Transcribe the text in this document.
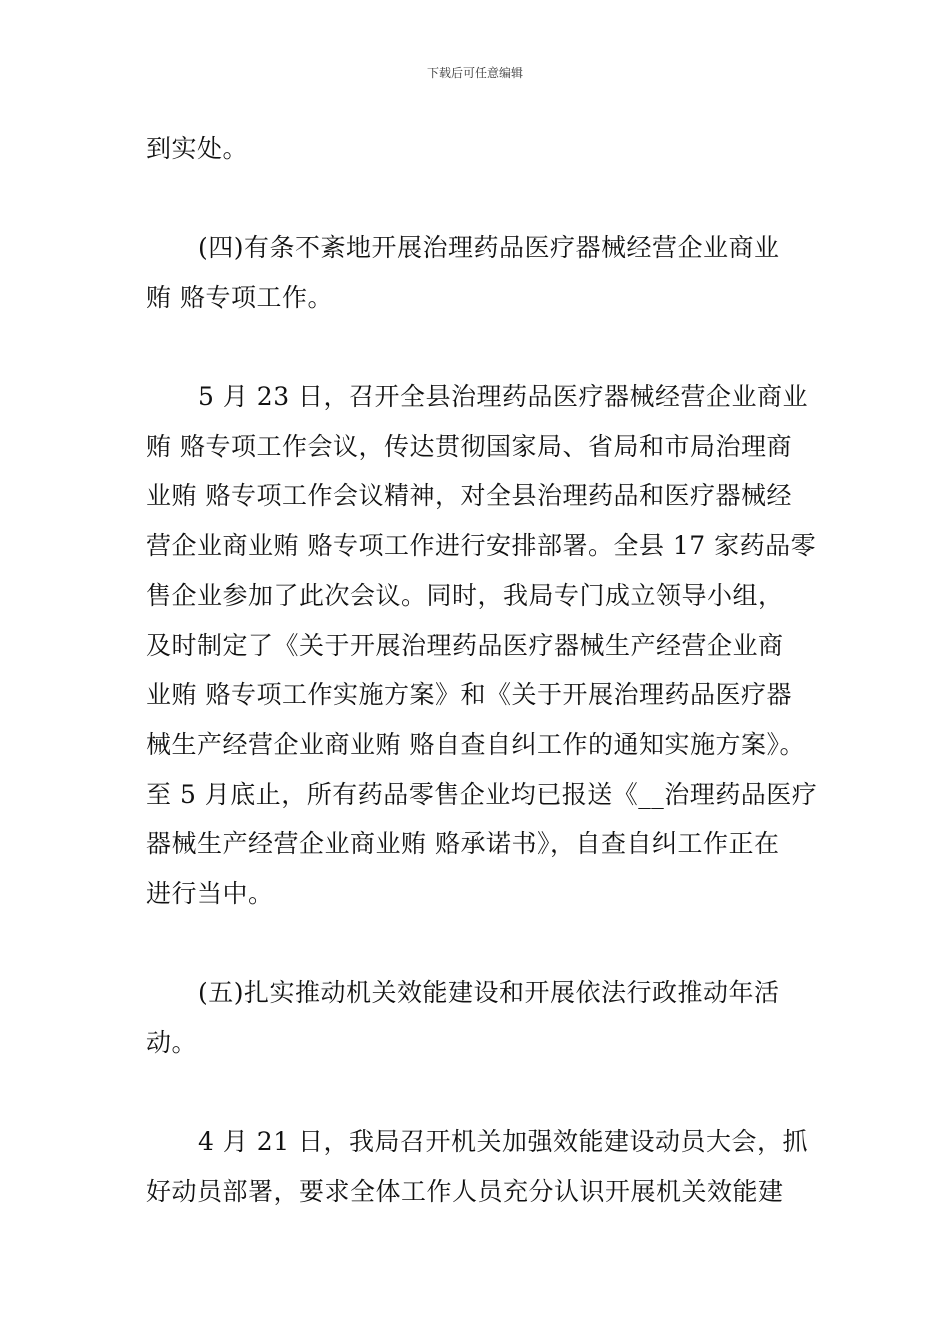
下载后可任意编辑
到实处。
(四)有条不紊地开展治理药品医疗器械经营企业商业
贿 赂专项工作。
5 月 23 日，召开全县治理药品医疗器械经营企业商业
贿 赂专项工作会议，传达贯彻国家局、省局和市局治理商
业贿 赂专项工作会议精神，对全县治理药品和医疗器械经
营企业商业贿 赂专项工作进行安排部署。全县 17 家药品零
售企业参加了此次会议。同时，我局专门成立领导小组，
及时制定了《关于开展治理药品医疗器械生产经营企业商
业贿 赂专项工作实施方案》和《关于开展治理药品医疗器
械生产经营企业商业贿 赂自查自纠工作的通知实施方案》。
至 5 月底止，所有药品零售企业均已报送《__治理药品医疗
器械生产经营企业商业贿 赂承诺书》，自查自纠工作正在
进行当中。
(五)扎实推动机关效能建设和开展依法行政推动年活
动。
4 月 21 日，我局召开机关加强效能建设动员大会，抓
好动员部署，要求全体工作人员充分认识开展机关效能建
